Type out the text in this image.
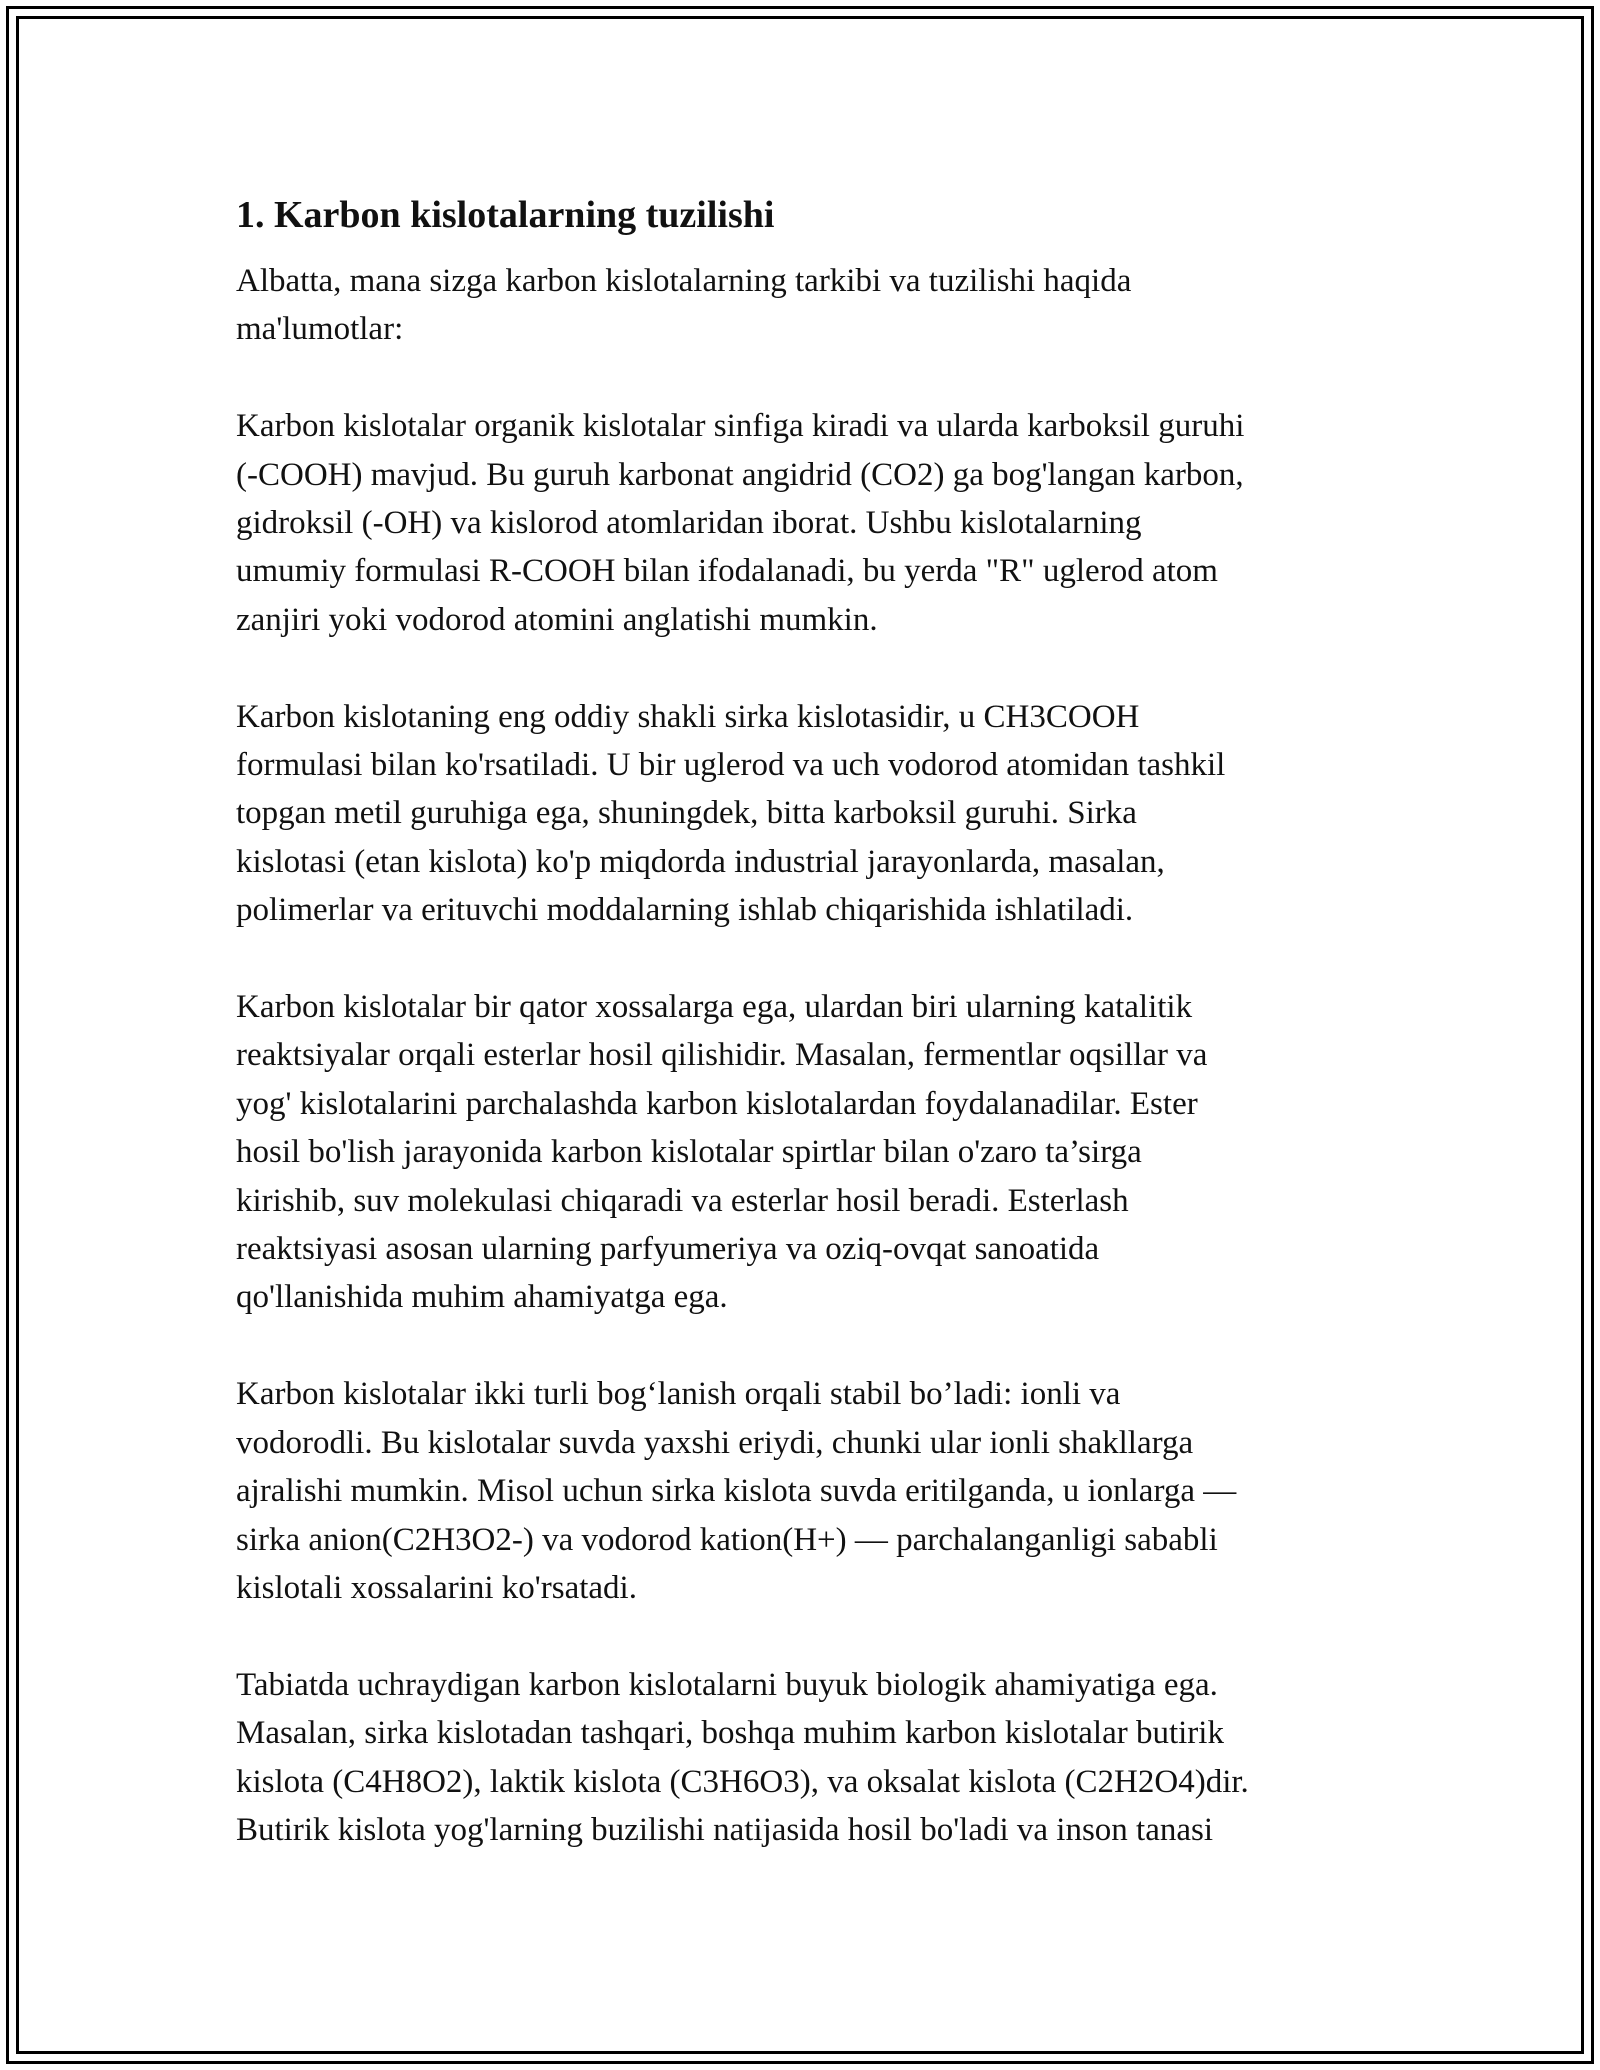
1. Karbon kislotalarning tuzilishi

Albatta, mana sizga karbon kislotalarning tarkibi va tuzilishi haqida
ma'lumotlar:

Karbon kislotalar organik kislotalar sinfiga kiradi va ularda karboksil guruhi
(-COOH) mavjud. Bu guruh karbonat angidrid (CO2) ga bog'langan karbon,
gidroksil (-OH) va kislorod atomlaridan iborat. Ushbu kislotalarning
umumiy formulasi R-COOH bilan ifodalanadi, bu yerda "R" uglerod atom
zanjiri yoki vodorod atomini anglatishi mumkin.

Karbon kislotaning eng oddiy shakli sirka kislotasidir, u CH3COOH
formulasi bilan ko'rsatiladi. U bir uglerod va uch vodorod atomidan tashkil
topgan metil guruhiga ega, shuningdek, bitta karboksil guruhi. Sirka
kislotasi (etan kislota) ko'p miqdorda industrial jarayonlarda, masalan,
polimerlar va erituvchi moddalarning ishlab chiqarishida ishlatiladi.

Karbon kislotalar bir qator xossalarga ega, ulardan biri ularning katalitik
reaktsiyalar orqali esterlar hosil qilishidir. Masalan, fermentlar oqsillar va
yog' kislotalarini parchalashda karbon kislotalardan foydalanadilar. Ester
hosil bo'lish jarayonida karbon kislotalar spirtlar bilan o'zaro ta’sirga
kirishib, suv molekulasi chiqaradi va esterlar hosil beradi. Esterlash
reaktsiyasi asosan ularning parfyumeriya va oziq-ovqat sanoatida
qo'llanishida muhim ahamiyatga ega.

Karbon kislotalar ikki turli bog‘lanish orqali stabil bo’ladi: ionli va
vodorodli. Bu kislotalar suvda yaxshi eriydi, chunki ular ionli shakllarga
ajralishi mumkin. Misol uchun sirka kislota suvda eritilganda, u ionlarga —
sirka anion(C2H3O2-) va vodorod kation(H+) — parchalanganligi sababli
kislotali xossalarini ko'rsatadi.

Tabiatda uchraydigan karbon kislotalarni buyuk biologik ahamiyatiga ega.
Masalan, sirka kislotadan tashqari, boshqa muhim karbon kislotalar butirik
kislota (C4H8O2), laktik kislota (C3H6O3), va oksalat kislota (C2H2O4)dir.
Butirik kislota yog'larning buzilishi natijasida hosil bo'ladi va inson tanasi
